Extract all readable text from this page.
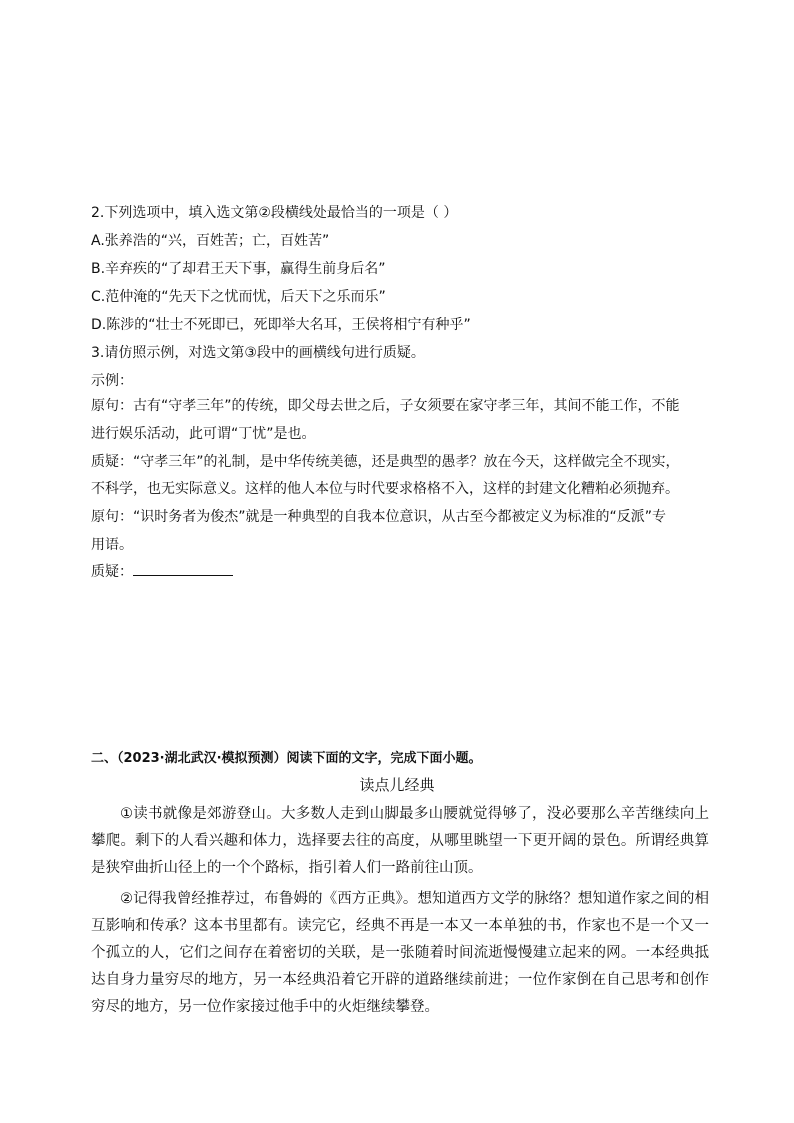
2.下列选项中，填入选文第②段横线处最恰当的一项是（ ）
A.张养浩的“兴，百姓苦；亡，百姓苦”
B.辛弃疾的“了却君王天下事，赢得生前身后名”
C.范仲淹的“先天下之忧而忧，后天下之乐而乐”
D.陈涉的“壮士不死即已，死即举大名耳，王侯将相宁有种乎”
3.请仿照示例，对选文第③段中的画横线句进行质疑。
示例：
原句：古有“守孝三年”的传统，即父母去世之后，子女须要在家守孝三年，其间不能工作，不能
进行娱乐活动，此可谓“丁忧”是也。
质疑：“守孝三年”的礼制，是中华传统美德，还是典型的愚孝？放在今天，这样做完全不现实，
不科学，也无实际意义。这样的他人本位与时代要求格格不入，这样的封建文化糟粕必须抛弃。
原句：“识时务者为俊杰”就是一种典型的自我本位意识，从古至今都被定义为标准的“反派”专
用语。
质疑：
二、（2023·湖北武汉·模拟预测）阅读下面的文字，完成下面小题。
读点儿经典
①读书就像是郊游登山。大多数人走到山脚最多山腰就觉得够了，没必要那么辛苦继续向上攀爬。剩下的人看兴趣和体力，选择要去往的高度，从哪里眺望一下更开阔的景色。所谓经典算是狭窄曲折山径上的一个个路标，指引着人们一路前往山顶。
②记得我曾经推荐过，布鲁姆的《西方正典》。想知道西方文学的脉络？想知道作家之间的相互影响和传承？这本书里都有。读完它，经典不再是一本又一本单独的书，作家也不是一个又一个孤立的人，它们之间存在着密切的关联，是一张随着时间流逝慢慢建立起来的网。一本经典抵达自身力量穷尽的地方，另一本经典沿着它开辟的道路继续前进；一位作家倒在自己思考和创作穷尽的地方，另一位作家接过他手中的火炬继续攀登。
